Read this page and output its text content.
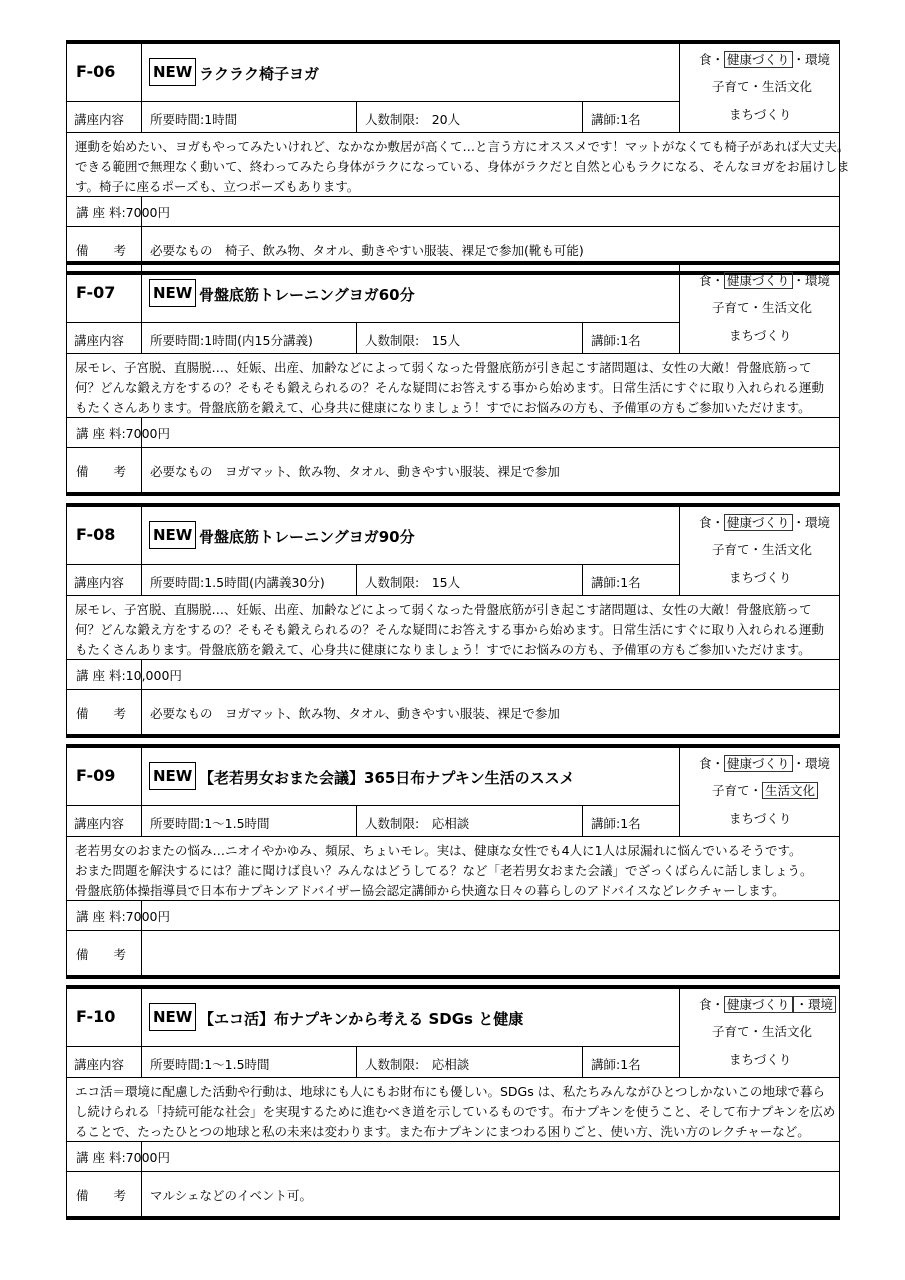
F-06	NEW ラクラク椅子ヨガ
食・ 健康づくり ・環境
子育て・生活文化
まちづくり
講座内容 所要時間:1時間	人数制限:　20人	講師:1名
運動を始めたい、ヨガもやってみたいけれど、なかなか敷居が高くて…と言う方にオススメです！マットがなくても椅子があれば大丈夫。
できる範囲で無理なく動いて、終わってみたら身体がラクになっている、身体がラクだと自然と心もラクになる、そんなヨガをお届けしま
す。椅子に座るポーズも、立つポーズもあります。
講 座 料:7000円
備　　考	必要なもの　椅子、飲み物、タオル、動きやすい服装、裸足で参加(靴も可能)
F-07	NEW 骨盤底筋トレーニングヨガ60分
食・ 健康づくり ・環境
子育て・生活文化
まちづくり
講座内容 所要時間:1時間(内15分講義)	人数制限:　15人	講師:1名
尿モレ、子宮脱、直腸脱…、妊娠、出産、加齢などによって弱くなった骨盤底筋が引き起こす諸問題は、女性の大敵！骨盤底筋って
何？どんな鍛え方をするの？そもそも鍛えられるの？そんな疑問にお答えする事から始めます。日常生活にすぐに取り入れられる運動
もたくさんあります。骨盤底筋を鍛えて、心身共に健康になりましょう！すでにお悩みの方も、予備軍の方もご参加いただけます。
講 座 料:7000円
備　　考	必要なもの　ヨガマット、飲み物、タオル、動きやすい服装、裸足で参加
F-08	NEW 骨盤底筋トレーニングヨガ90分
食・ 健康づくり ・環境
子育て・生活文化
まちづくり
講座内容 所要時間:1.5時間(内講義30分)	人数制限:　15人	講師:1名
尿モレ、子宮脱、直腸脱…、妊娠、出産、加齢などによって弱くなった骨盤底筋が引き起こす諸問題は、女性の大敵！骨盤底筋って
何？どんな鍛え方をするの？そもそも鍛えられるの？そんな疑問にお答えする事から始めます。日常生活にすぐに取り入れられる運動
もたくさんあります。骨盤底筋を鍛えて、心身共に健康になりましょう！すでにお悩みの方も、予備軍の方もご参加いただけます。
講 座 料:10,000円
備　　考	必要なもの　ヨガマット、飲み物、タオル、動きやすい服装、裸足で参加
F-09	NEW 【老若男女おまた会議】365日布ナプキン生活のススメ
食・ 健康づくり ・環境
子育て・ 生活文化
まちづくり
講座内容 所要時間:1～1.5時間	人数制限:　応相談	講師:1名
老若男女のおまたの悩み…ニオイやかゆみ、頻尿、ちょいモレ。実は、健康な女性でも4人に1人は尿漏れに悩んでいるそうです。
おまた問題を解決するには？誰に聞けば良い？みんなはどうしてる？など「老若男女おまた会議」でざっくばらんに話しましょう。
骨盤底筋体操指導員で日本布ナプキンアドバイザー協会認定講師から快適な日々の暮らしのアドバイスなどレクチャーします。
講 座 料:7000円
備　　考
F-10	NEW 【エコ活】布ナプキンから考える SDGs と健康
食・ 健康づくり ・環境
子育て・生活文化
まちづくり
講座内容 所要時間:1～1.5時間	人数制限:　応相談	講師:1名
エコ活＝環境に配慮した活動や行動は、地球にも人にもお財布にも優しい。SDGs は、私たちみんながひとつしかないこの地球で暮ら
し続けられる「持続可能な社会」を実現するために進むべき道を示しているものです。布ナプキンを使うこと、そして布ナプキンを広め
ることで、たったひとつの地球と私の未来は変わります。また布ナプキンにまつわる困りごと、使い方、洗い方のレクチャーなど。
講 座 料:7000円
備　　考	マルシェなどのイベント可。
